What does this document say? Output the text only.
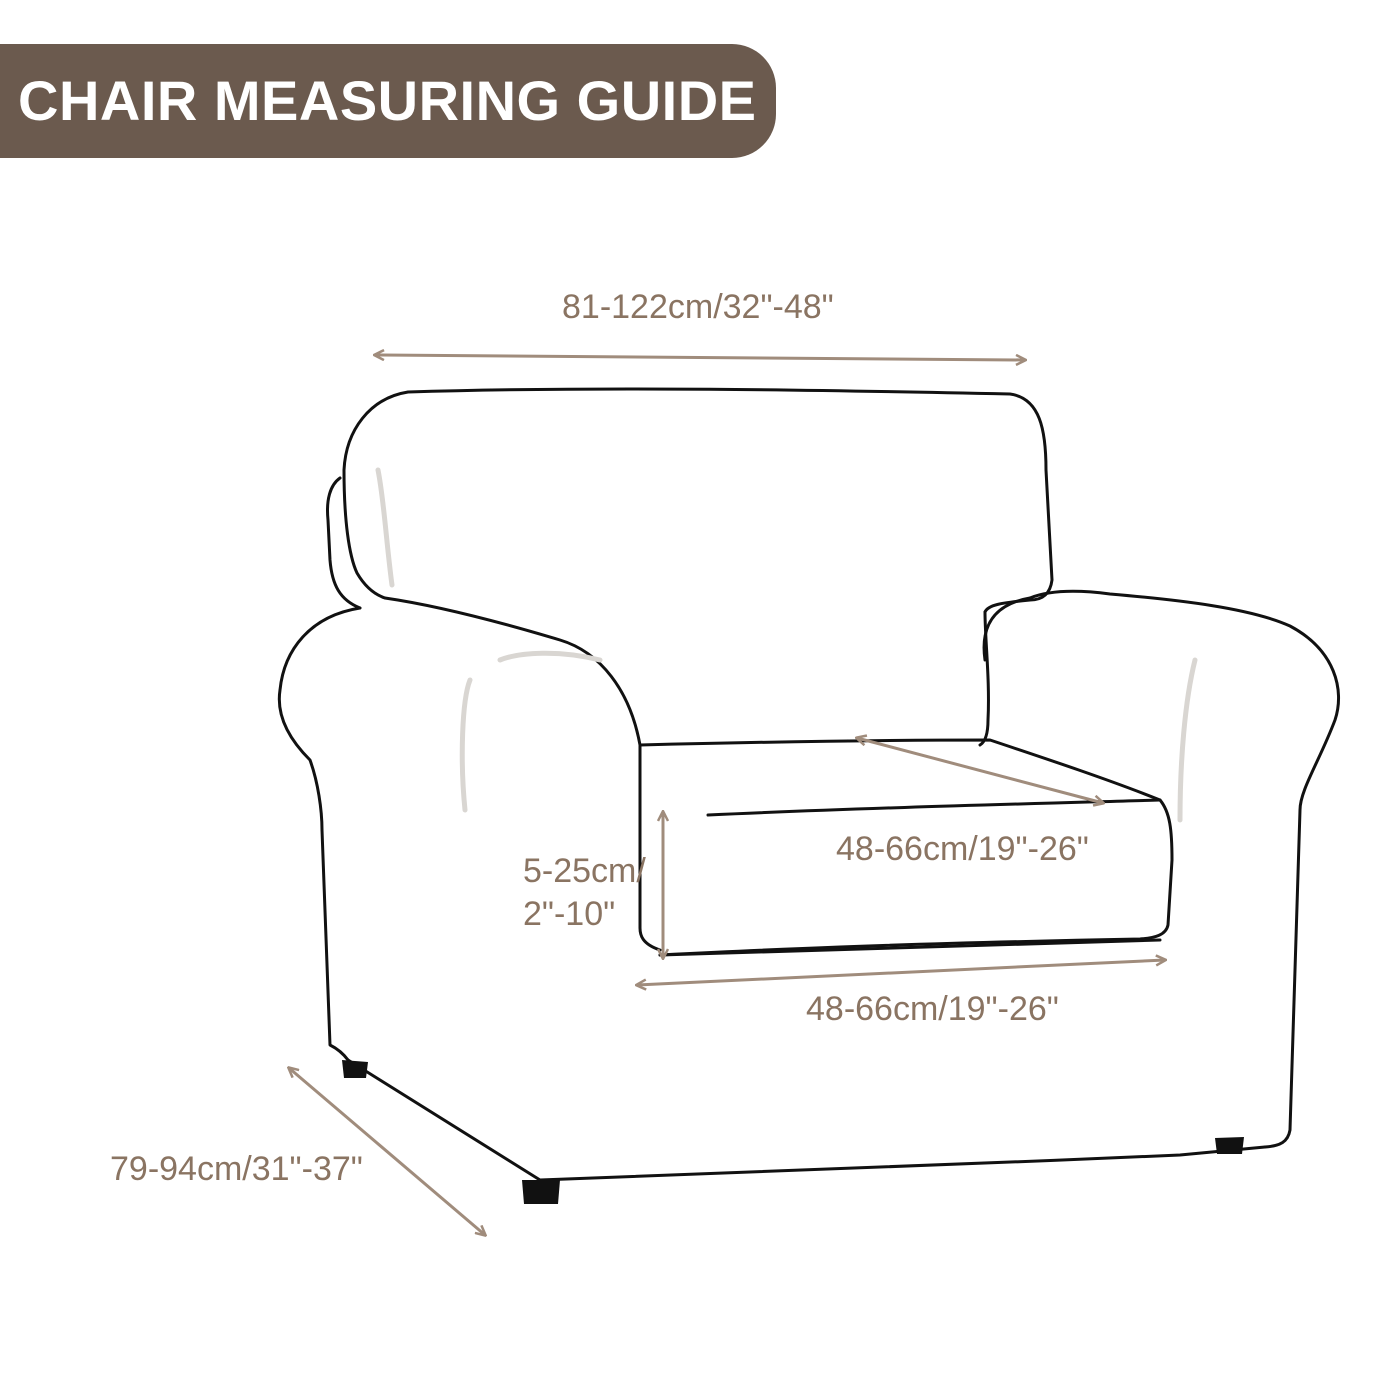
CHAIR MEASURING GUIDE
81-122cm/32"-48"
48-66cm/19"-26"
5-25cm/
2"-10"
48-66cm/19"-26"
79-94cm/31"-37"
